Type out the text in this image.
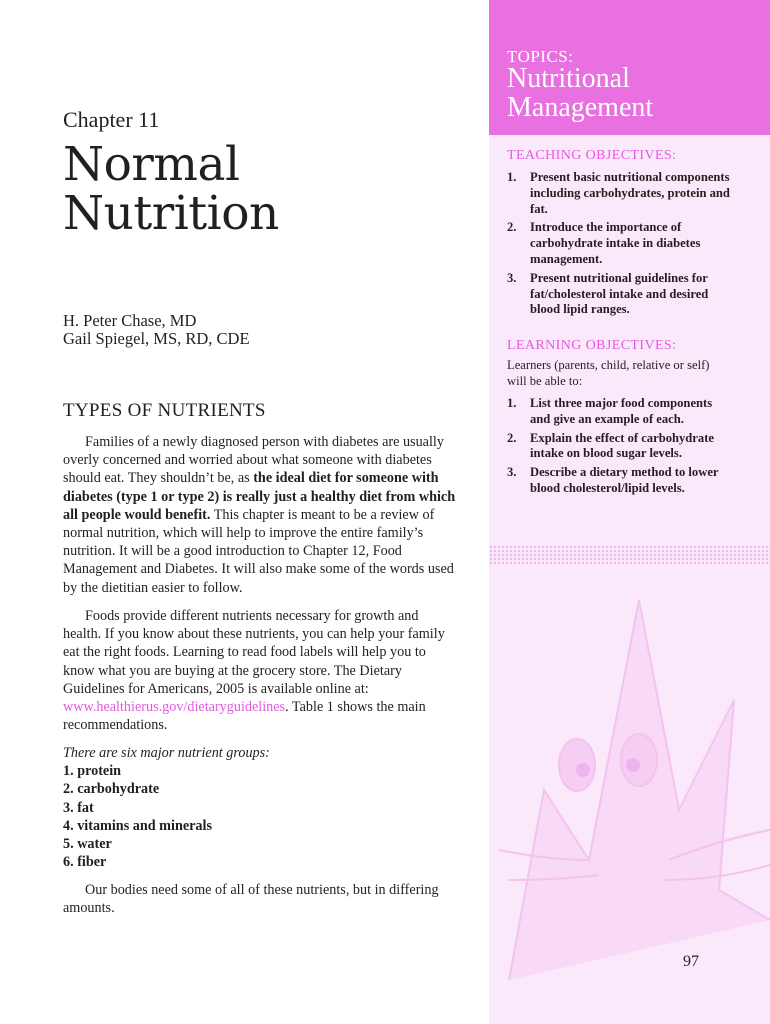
Chapter 11
Normal
Nutrition
H. Peter Chase, MD
Gail Spiegel, MS, RD, CDE
TYPES OF NUTRIENTS

Families of a newly diagnosed person with diabetes are usually overly concerned and worried about what someone with diabetes should eat. They shouldn’t be, as the ideal diet for someone with diabetes (type 1 or type 2) is really just a healthy diet from which all people would benefit. This chapter is meant to be a review of normal nutrition, which will help to improve the entire family’s nutrition. It will be a good introduction to Chapter 12, Food Management and Diabetes. It will also make some of the words used by the dietitian easier to follow.

Foods provide different nutrients necessary for growth and health. If you know about these nutrients, you can help your family eat the right foods. Learning to read food labels will help you to know what you are buying at the grocery store. The Dietary Guidelines for Americans, 2005 is available online at: www.healthierus.gov/dietaryguidelines. Table 1 shows the main recommendations.

There are six major nutrient groups:
1. protein
2. carbohydrate
3. fat
4. vitamins and minerals
5. water
6. fiber

Our bodies need some of all of these nutrients, but in differing amounts.

TOPICS:
Nutritional
Management
TEACHING OBJECTIVES:
1. Present basic nutritional components including carbohydrates, protein and fat.
2. Introduce the importance of carbohydrate intake in diabetes management.
3. Present nutritional guidelines for fat/cholesterol intake and desired blood lipid ranges.
LEARNING OBJECTIVES:
Learners (parents, child, relative or self) will be able to:
1. List three major food components and give an example of each.
2. Explain the effect of carbohydrate intake on blood sugar levels.
3. Describe a dietary method to lower blood cholesterol/lipid levels.
97
